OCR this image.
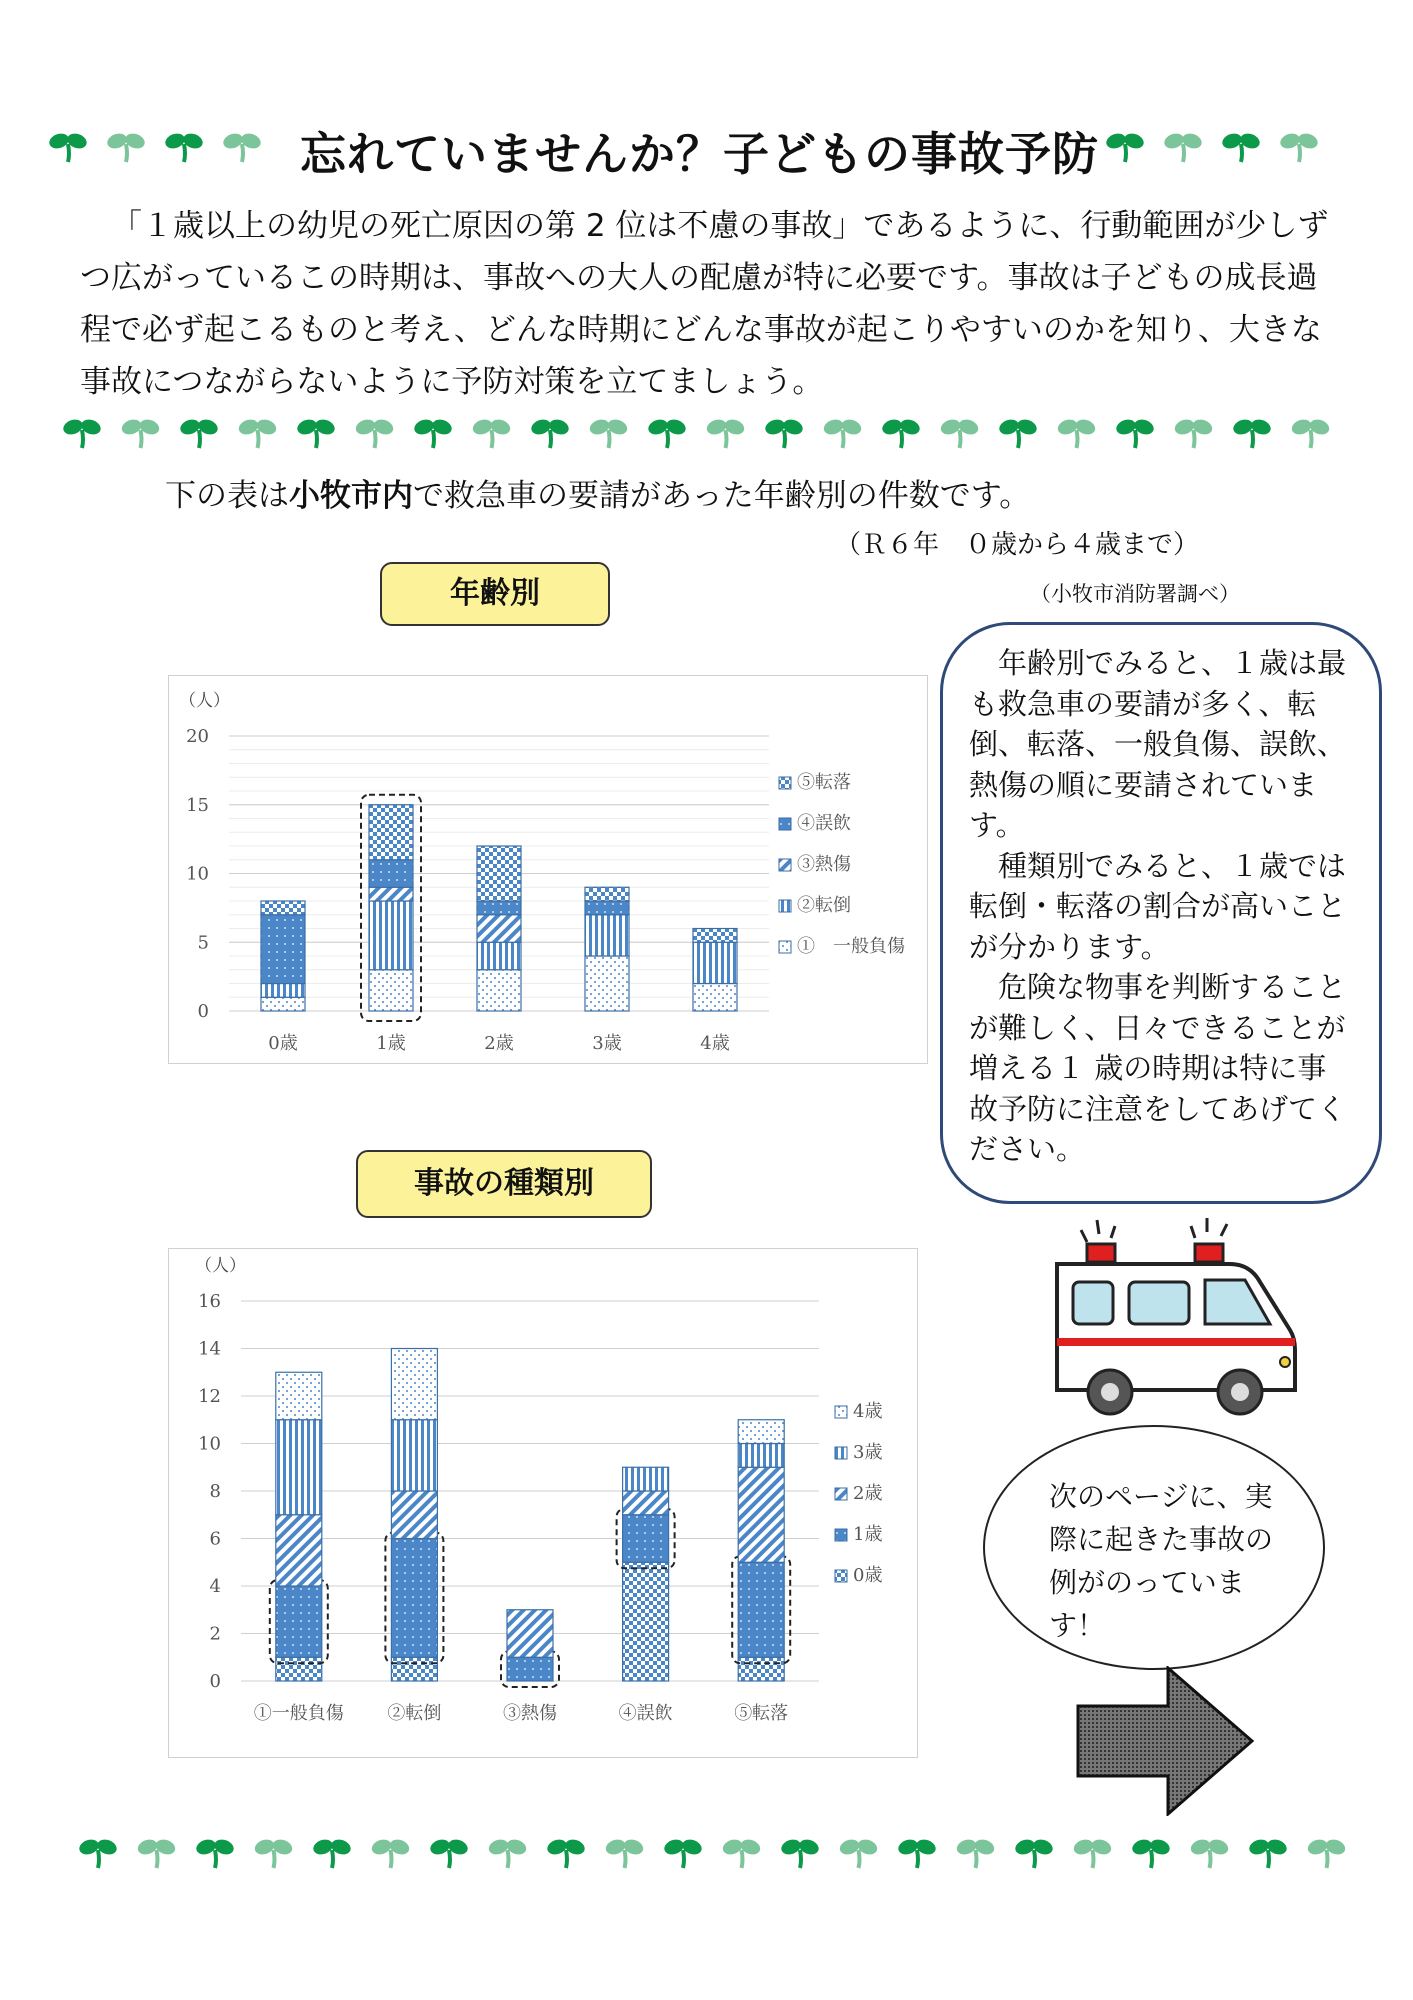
忘れていませんか？子どもの事故予防

「１歳以上の幼児の死亡原因の第 2 位は不慮の事故」であるように、行動範囲が少しずつ広がっているこの時期は、事故への大人の配慮が特に必要です。事故は子どもの成長過程で必ず起こるものと考え、どんな時期にどんな事故が起こりやすいのかを知り、大きな事故につながらないように予防対策を立てましょう。

下の表は小牧市内で救急車の要請があった年齢別の件数です。
（Ｒ６年　０歳から４歳まで）
（小牧市消防署調べ）
年齢別
（人）
0
5
10
15
20
0歳	1歳	2歳	3歳	4歳
⑤転落
④誤飲
③熱傷
②転倒
①　一般負傷
事故の種類別
（人）
0
2
4
6
8
10
12
14
16
①一般負傷 ②転倒	③熱傷	④誤飲	⑤転落
4歳
3歳
2歳
1歳
0歳

年齢別でみると、１歳は最も救急車の要請が多く、転倒、転落、一般負傷、誤飲、熱傷の順に要請されています。

種類別でみると、１歳では転倒・転落の割合が高いことが分かります。

危険な物事を判断することが難しく、日々できることが増える１ 歳の時期は特に事故予防に注意をしてあげてください。

次のページに、実際に起きた事故の例がのっています！
